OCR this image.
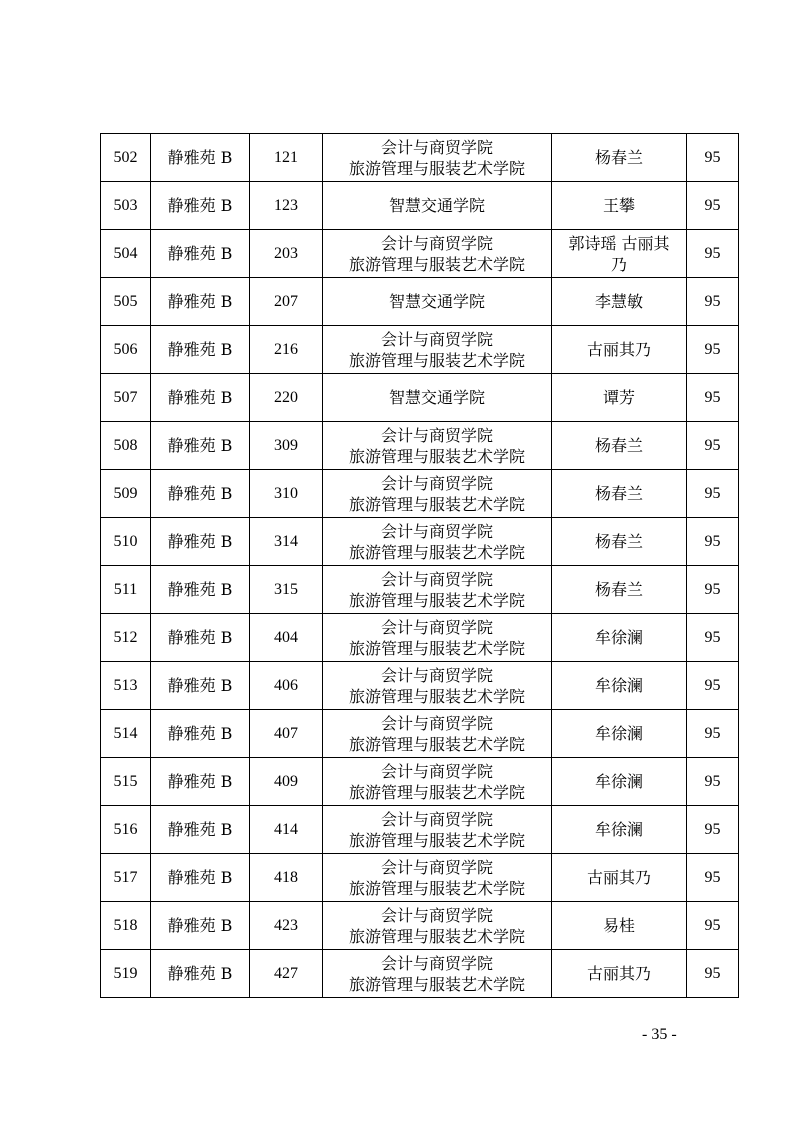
502	静雅苑 B	121	会计与商贸学院
旅游管理与服装艺术学院	杨春兰	95
503	静雅苑 B	123	智慧交通学院	王攀	95
504	静雅苑 B	203	会计与商贸学院
旅游管理与服装艺术学院	郭诗瑶 古丽其
乃	95
505	静雅苑 B	207	智慧交通学院	李慧敏	95
506	静雅苑 B	216	会计与商贸学院
旅游管理与服装艺术学院	古丽其乃	95
507	静雅苑 B	220	智慧交通学院	谭芳	95
508	静雅苑 B	309	会计与商贸学院
旅游管理与服装艺术学院	杨春兰	95
509	静雅苑 B	310	会计与商贸学院
旅游管理与服装艺术学院	杨春兰	95
510	静雅苑 B	314	会计与商贸学院
旅游管理与服装艺术学院	杨春兰	95
511	静雅苑 B	315	会计与商贸学院
旅游管理与服装艺术学院	杨春兰	95
512	静雅苑 B	404	会计与商贸学院
旅游管理与服装艺术学院	牟徐澜	95
513	静雅苑 B	406	会计与商贸学院
旅游管理与服装艺术学院	牟徐澜	95
514	静雅苑 B	407	会计与商贸学院
旅游管理与服装艺术学院	牟徐澜	95
515	静雅苑 B	409	会计与商贸学院
旅游管理与服装艺术学院	牟徐澜	95
516	静雅苑 B	414	会计与商贸学院
旅游管理与服装艺术学院	牟徐澜	95
517	静雅苑 B	418	会计与商贸学院
旅游管理与服装艺术学院	古丽其乃	95
518	静雅苑 B	423	会计与商贸学院
旅游管理与服装艺术学院	易桂	95
519	静雅苑 B	427	会计与商贸学院
旅游管理与服装艺术学院	古丽其乃	95
- 35 -
